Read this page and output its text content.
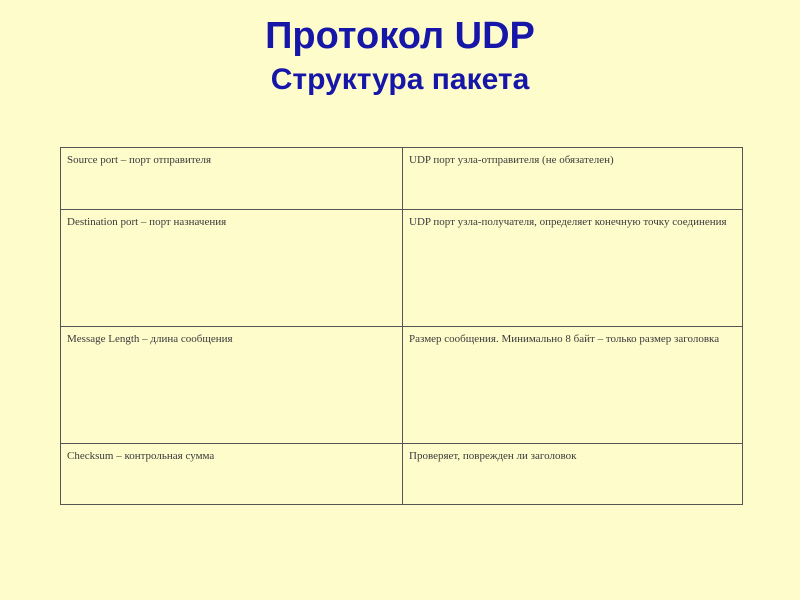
Протокол UDP
Структура пакета
Source port – порт отправителя	UDP порт узла-отправителя (не обязателен)
Destination port – порт назначения	UDP порт узла-получателя, определяет конечную точку соединения
Message Length – длина сообщения	Размер сообщения. Минимально 8 байт – только размер заголовка
Checksum – контрольная сумма	Проверяет, поврежден ли заголовок
